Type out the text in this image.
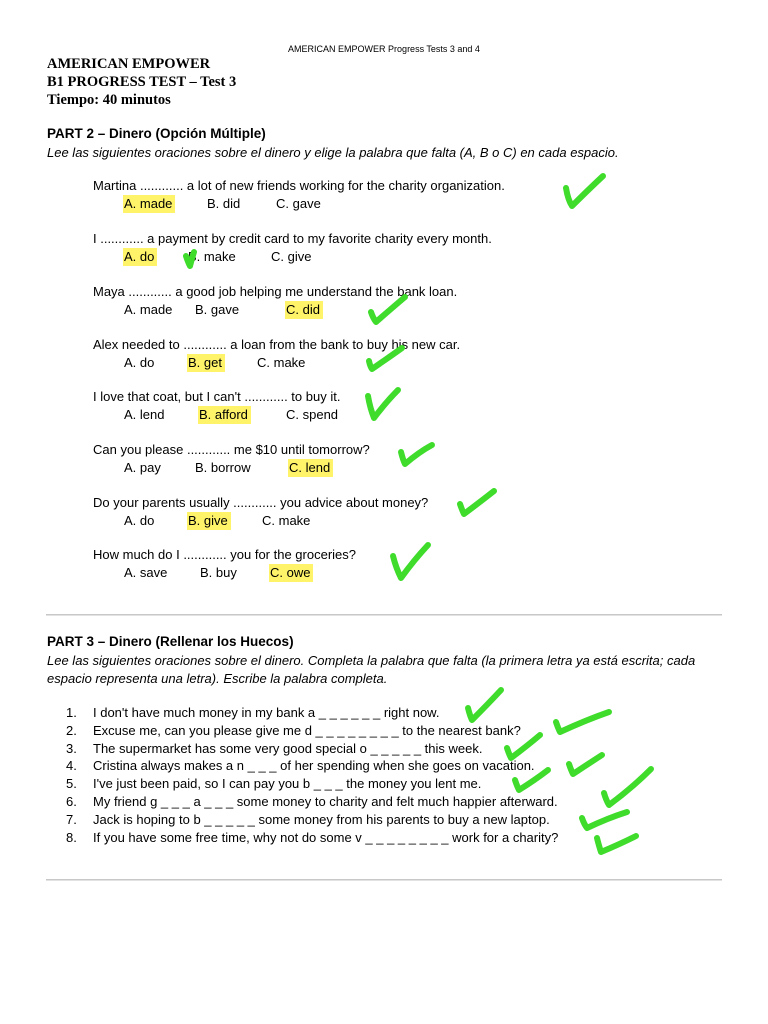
AMERICAN EMPOWER Progress Tests 3 and 4
AMERICAN EMPOWER
B1 PROGRESS TEST – Test 3
Tiempo: 40 minutos
PART 2 – Dinero (Opción Múltiple)
Lee las siguientes oraciones sobre el dinero y elige la palabra que falta (A, B o C) en cada espacio.
Martina ............ a lot of new friends working for the charity organization.
A. made	B. did	C. gave
I ............ a payment by credit card to my favorite charity every month.
A. do	B. make	C. give
Maya ............ a good job helping me understand the bank loan.
A. made B. gave	C. did
Alex needed to ............ a loan from the bank to buy his new car.
A. do	B. get	C. make
I love that coat, but I can't ............ to buy it.
A. lend	B. afford	C. spend
Can you please ............ me $10 until tomorrow?
A. pay	B. borrow	C. lend
Do your parents usually ............ you advice about money?
A. do	B. give	C. make
How much do I ............ you for the groceries?
A. save	B. buy	C. owe
PART 3 – Dinero (Rellenar los Huecos)
Lee las siguientes oraciones sobre el dinero. Completa la palabra que falta (la primera letra ya está escrita; cada espacio representa una letra). Escribe la palabra completa.
1. I don't have much money in my bank a _ _ _ _ _ _ right now.
2. Excuse me, can you please give me d _ _ _ _ _ _ _ _ to the nearest bank?
3. The supermarket has some very good special o _ _ _ _ _ this week.
4. Cristina always makes a n _ _ _ of her spending when she goes on vacation.
5. I've just been paid, so I can pay you b _ _ _ the money you lent me.
6. My friend g _ _ _ a _ _ _ some money to charity and felt much happier afterward.
7. Jack is hoping to b _ _ _ _ _ some money from his parents to buy a new laptop.
8. If you have some free time, why not do some v _ _ _ _ _ _ _ _ work for a charity?
